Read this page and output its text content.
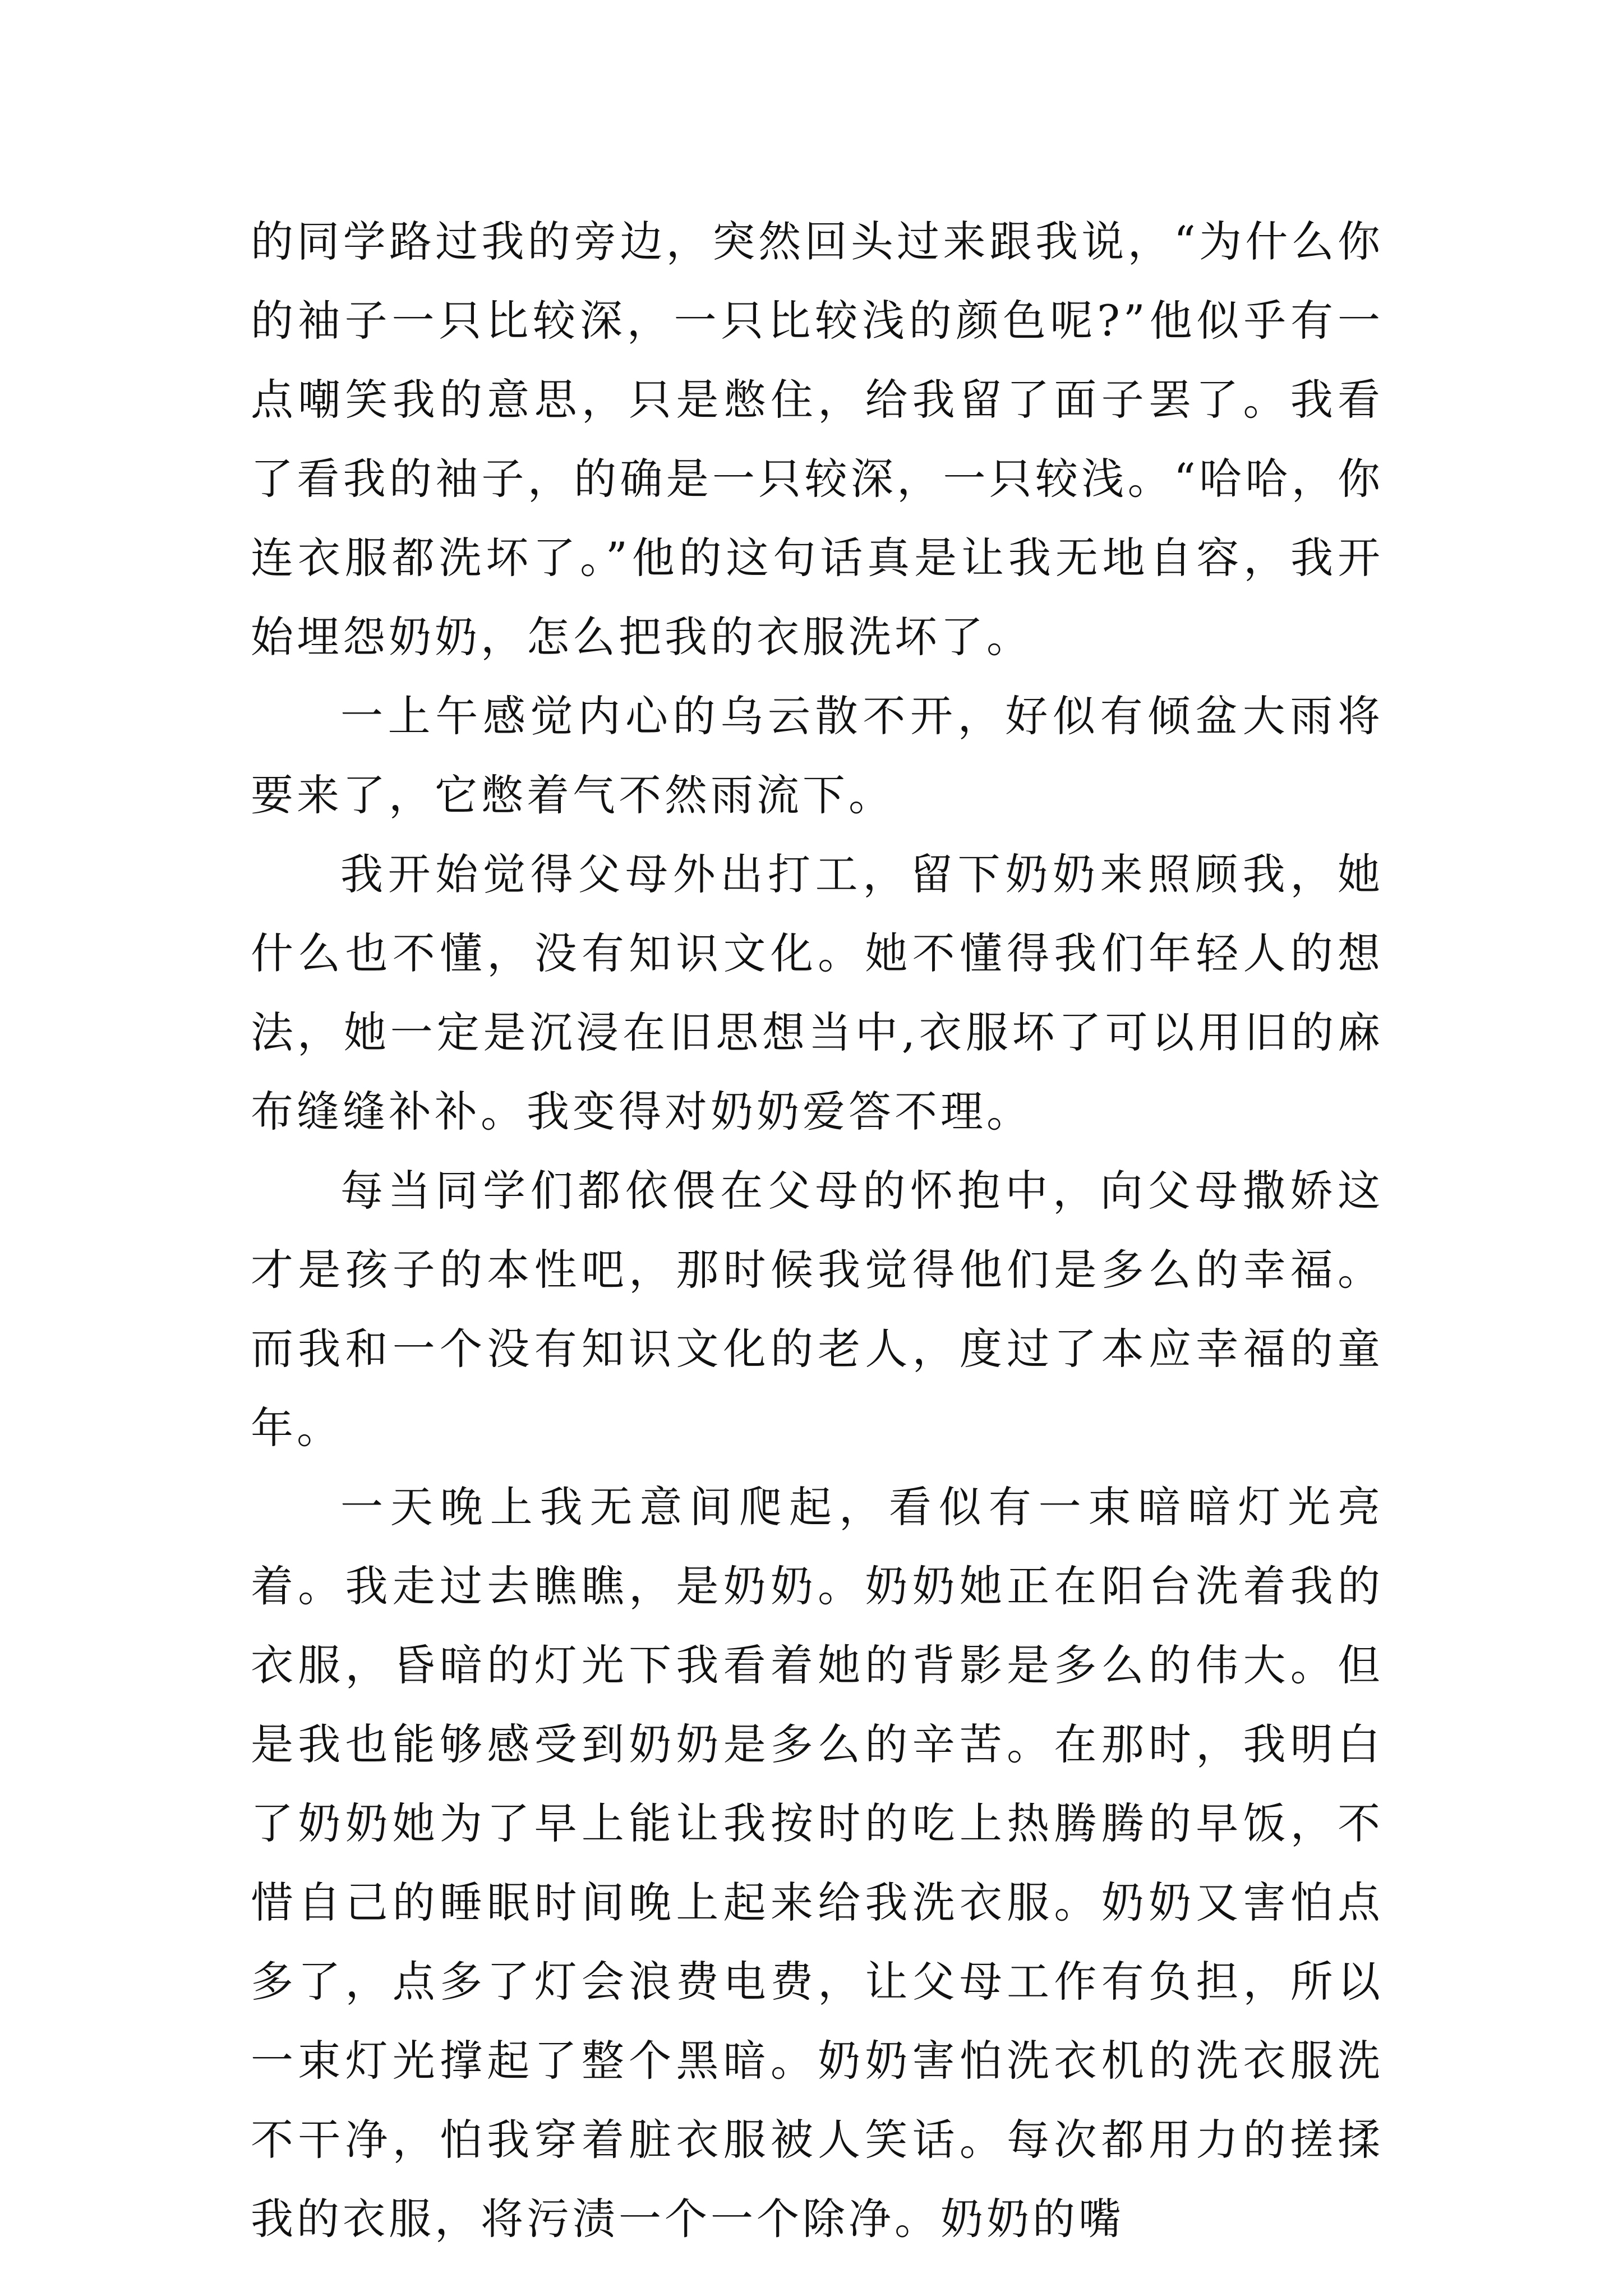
的同学路过我的旁边，突然回头过来跟我说，“为什么你的袖子一只比较深，一只比较浅的颜色呢?”他似乎有一点嘲笑我的意思，只是憋住，给我留了面子罢了。我看了看我的袖子，的确是一只较深，一只较浅。“哈哈，你连衣服都洗坏了。”他的这句话真是让我无地自容，我开始埋怨奶奶，怎么把我的衣服洗坏了。

一上午感觉内心的乌云散不开，好似有倾盆大雨将要来了，它憋着气不然雨流下。

我开始觉得父母外出打工，留下奶奶来照顾我，她什么也不懂，没有知识文化。她不懂得我们年轻人的想法，她一定是沉浸在旧思想当中,衣服坏了可以用旧的麻布缝缝补补。我变得对奶奶爱答不理。

每当同学们都依偎在父母的怀抱中，向父母撒娇这才是孩子的本性吧，那时候我觉得他们是多么的幸福。而我和一个没有知识文化的老人，度过了本应幸福的童年。

一天晚上我无意间爬起，看似有一束暗暗灯光亮着。我走过去瞧瞧，是奶奶。奶奶她正在阳台洗着我的衣服，昏暗的灯光下我看着她的背影是多么的伟大。但是我也能够感受到奶奶是多么的辛苦。在那时，我明白了奶奶她为了早上能让我按时的吃上热腾腾的早饭，不惜自己的睡眠时间晚上起来给我洗衣服。奶奶又害怕点多了，点多了灯会浪费电费，让父母工作有负担，所以一束灯光撑起了整个黑暗。奶奶害怕洗衣机的洗衣服洗不干净，怕我穿着脏衣服被人笑话。每次都用力的搓揉我的衣服，将污渍一个一个除净。奶奶的嘴
